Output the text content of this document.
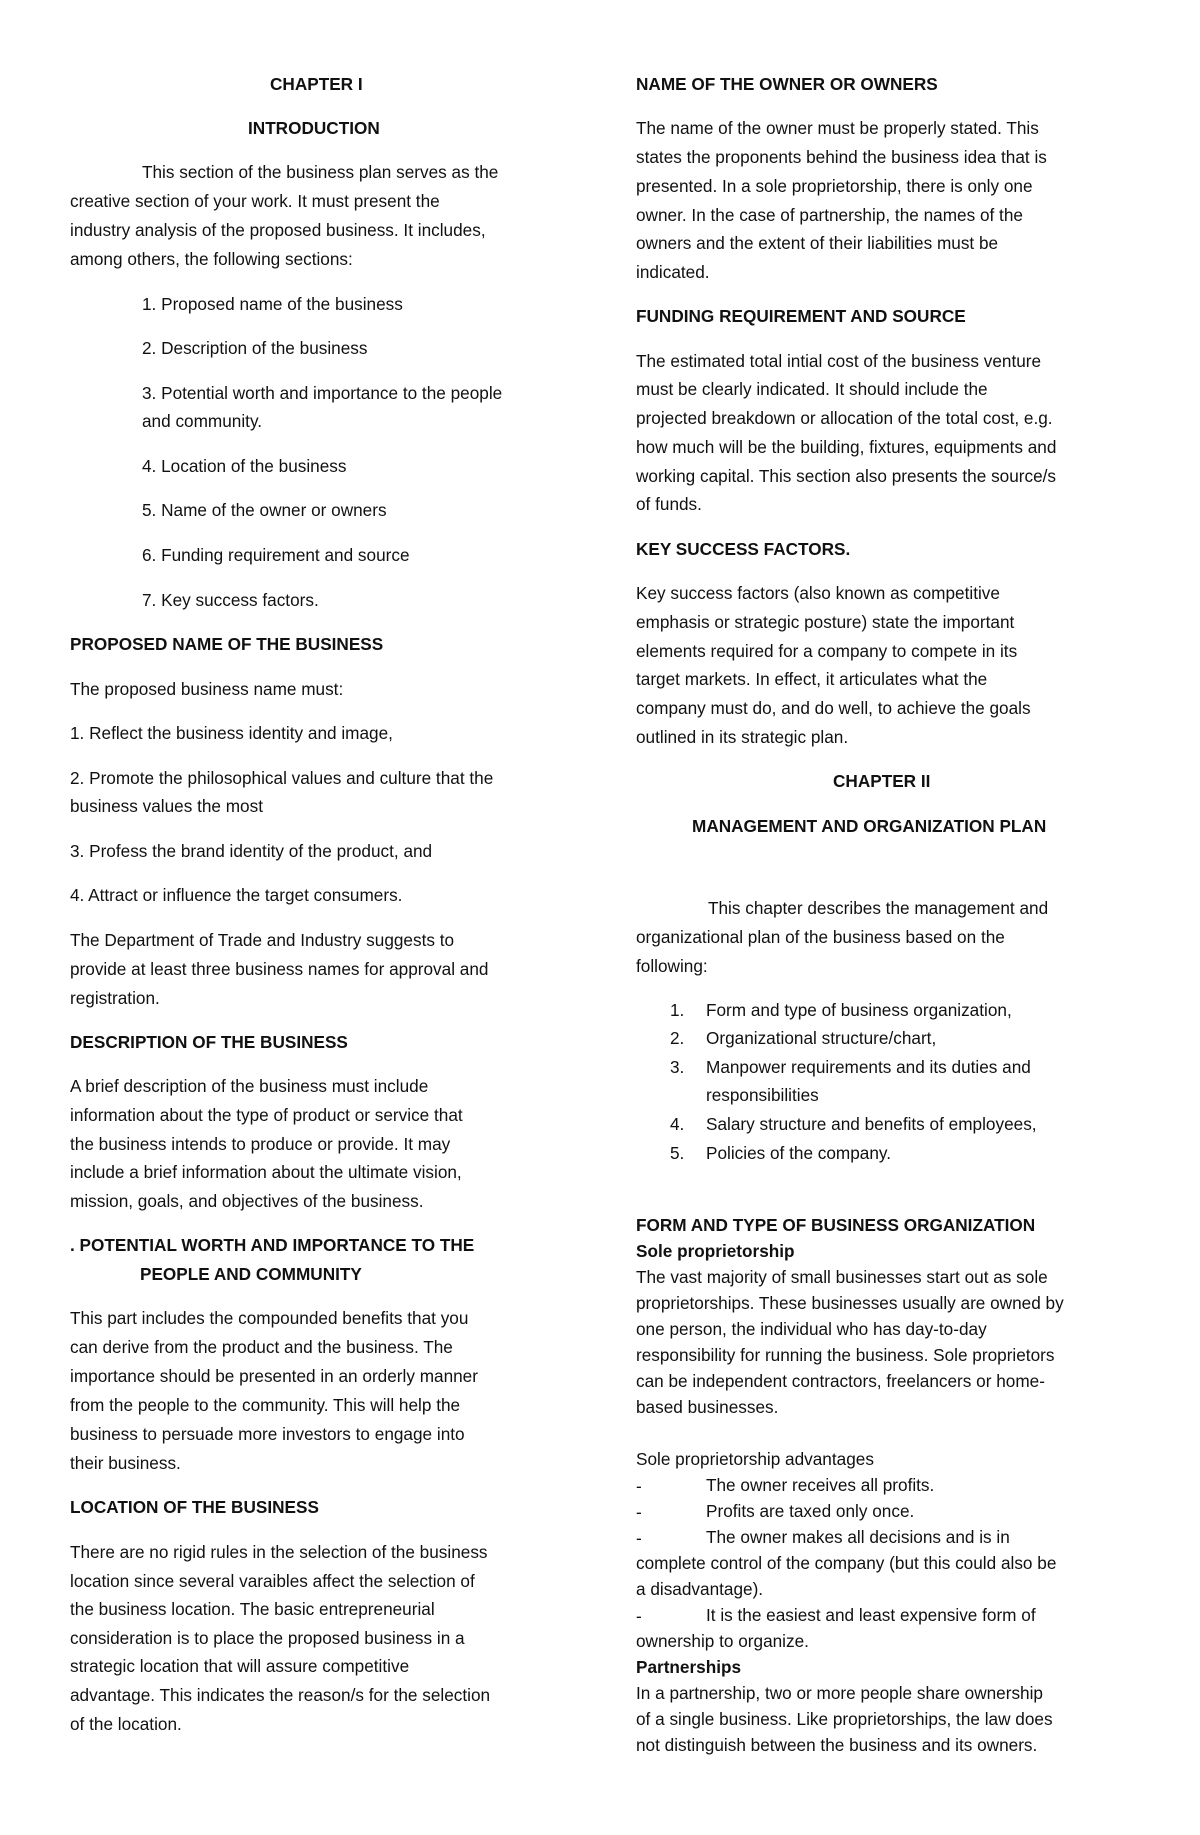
CHAPTER I
INTRODUCTION
This section of the business plan serves as the
creative section of your work. It must present the
industry analysis of the proposed business. It includes,
among others, the following sections:
1. Proposed name of the business
2. Description of the business
3. Potential worth and importance to the people
and community.
4. Location of the business
5. Name of the owner or owners
6. Funding requirement and source
7. Key success factors.
PROPOSED NAME OF THE BUSINESS
The proposed business name must:
1. Reflect the business identity and image,
2. Promote the philosophical values and culture that the
business values the most
3. Profess the brand identity of the product, and
4. Attract or influence the target consumers.
The Department of Trade and Industry suggests to
provide at least three business names for approval and
registration.
DESCRIPTION OF THE BUSINESS
A brief description of the business must include
information about the type of product or service that
the business intends to produce or provide. It may
include a brief information about the ultimate vision,
mission, goals, and objectives of the business.
. POTENTIAL WORTH AND IMPORTANCE TO THE
PEOPLE AND COMMUNITY
This part includes the compounded benefits that you
can derive from the product and the business. The
importance should be presented in an orderly manner
from the people to the community. This will help the
business to persuade more investors to engage into
their business.
LOCATION OF THE BUSINESS
There are no rigid rules in the selection of the business
location since several varaibles affect the selection of
the business location. The basic entrepreneurial
consideration is to place the proposed business in a
strategic location that will assure competitive
advantage. This indicates the reason/s for the selection
of the location.
NAME OF THE OWNER OR OWNERS
The name of the owner must be properly stated. This
states the proponents behind the business idea that is
presented. In a sole proprietorship, there is only one
owner. In the case of partnership, the names of the
owners and the extent of their liabilities must be
indicated.
FUNDING REQUIREMENT AND SOURCE
The estimated total intial cost of the business venture
must be clearly indicated. It should include the
projected breakdown or allocation of the total cost, e.g.
how much will be the building, fixtures, equipments and
working capital. This section also presents the source/s
of funds.
KEY SUCCESS FACTORS.
Key success factors (also known as competitive
emphasis or strategic posture) state the important
elements required for a company to compete in its
target markets. In effect, it articulates what the
company must do, and do well, to achieve the goals
outlined in its strategic plan.
CHAPTER II
MANAGEMENT AND ORGANIZATION PLAN
This chapter describes the management and
organizational plan of the business based on the
following:
1. Form and type of business organization,
2. Organizational structure/chart,
3. Manpower requirements and its duties and
responsibilities
4. Salary structure and benefits of employees,
5. Policies of the company.
FORM AND TYPE OF BUSINESS ORGANIZATION
Sole proprietorship
The vast majority of small businesses start out as sole
proprietorships. These businesses usually are owned by
one person, the individual who has day-to-day
responsibility for running the business. Sole proprietors
can be independent contractors, freelancers or home-
based businesses.
Sole proprietorship advantages
-	The owner receives all profits.
-	Profits are taxed only once.
-	The owner makes all decisions and is in
complete control of the company (but this could also be
a disadvantage).
-	It is the easiest and least expensive form of
ownership to organize.
Partnerships
In a partnership, two or more people share ownership
of a single business. Like proprietorships, the law does
not distinguish between the business and its owners.
